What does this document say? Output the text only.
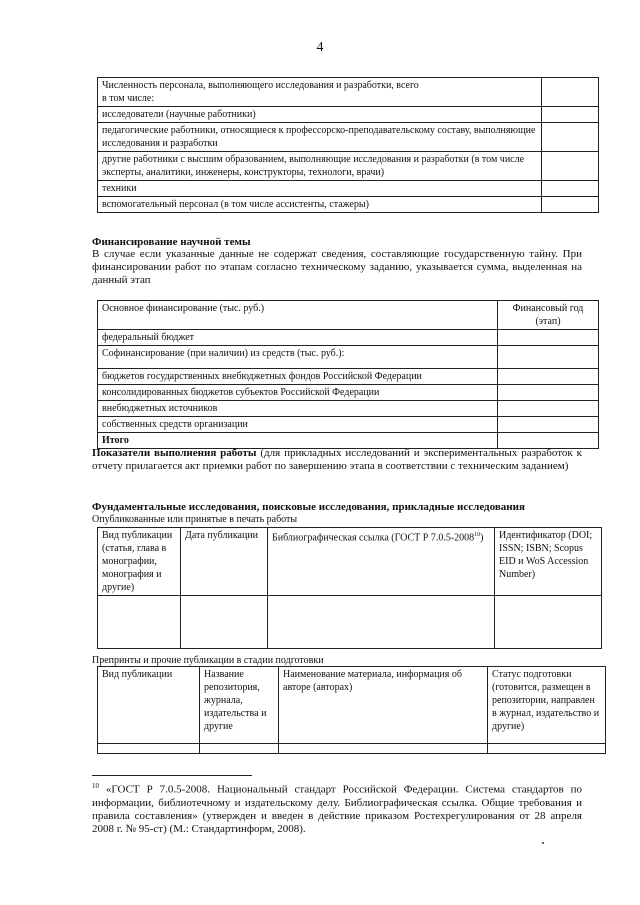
4
Численность персонала, выполняющего исследования и разработки, всего
в том числе:	
исследователи (научные работники)	
педагогические работники, относящиеся к профессорско-преподавательскому составу, выполняющие исследования и разработки	
другие работники с высшим образованием, выполняющие исследования и разработки (в том числе эксперты, аналитики, инженеры, конструкторы, технологи, врачи)	
техники	
вспомогательный персонал (в том числе ассистенты, стажеры)	
Финансирование научной темы
В случае если указанные данные не содержат сведения, составляющие государственную тайну. При финансировании работ по этапам согласно техническому заданию, указывается сумма, выделенная на данный этап
Основное финансирование (тыс. руб.)	Финансовый год (этап)
федеральный бюджет	
Софинансирование (при наличии) из средств (тыс. руб.):	
бюджетов государственных внебюджетных фондов Российской Федерации	
консолидированных бюджетов субъектов Российской Федерации	
внебюджетных источников	
собственных средств организации	
Итого	
Показатели выполнения работы (для прикладных исследований и экспериментальных разработок к отчету прилагается акт приемки работ по завершению этапа в соответствии с техническим заданием)
Фундаментальные исследования, поисковые исследования, прикладные исследования
Опубликованные или принятые в печать работы
Вид публикации (статья, глава в монографии, монография и другие)	Дата публикации	Библиографическая ссылка (ГОСТ Р 7.0.5-2008$^{10}$)	Идентификатор (DOI; ISSN; ISBN; Scopus EID и WoS Accession Number)

Препринты и прочие публикации в стадии подготовки
Вид публикации	Название репозитория, журнала, издательства и другие	Наименование материала, информация об авторе (авторах)	Статус подготовки (готовится, размещен в репозитории, направлен в журнал, издательство и другие)

$^{10}$ «ГОСТ Р 7.0.5-2008. Национальный стандарт Российской Федерации. Система стандартов по информации, библиотечному и издательскому делу. Библиографическая ссылка. Общие требования и правила составления» (утвержден и введен в действие приказом Ростехрегулирования от 28 апреля 2008 г. № 95-ст) (М.: Стандартинформ, 2008).
